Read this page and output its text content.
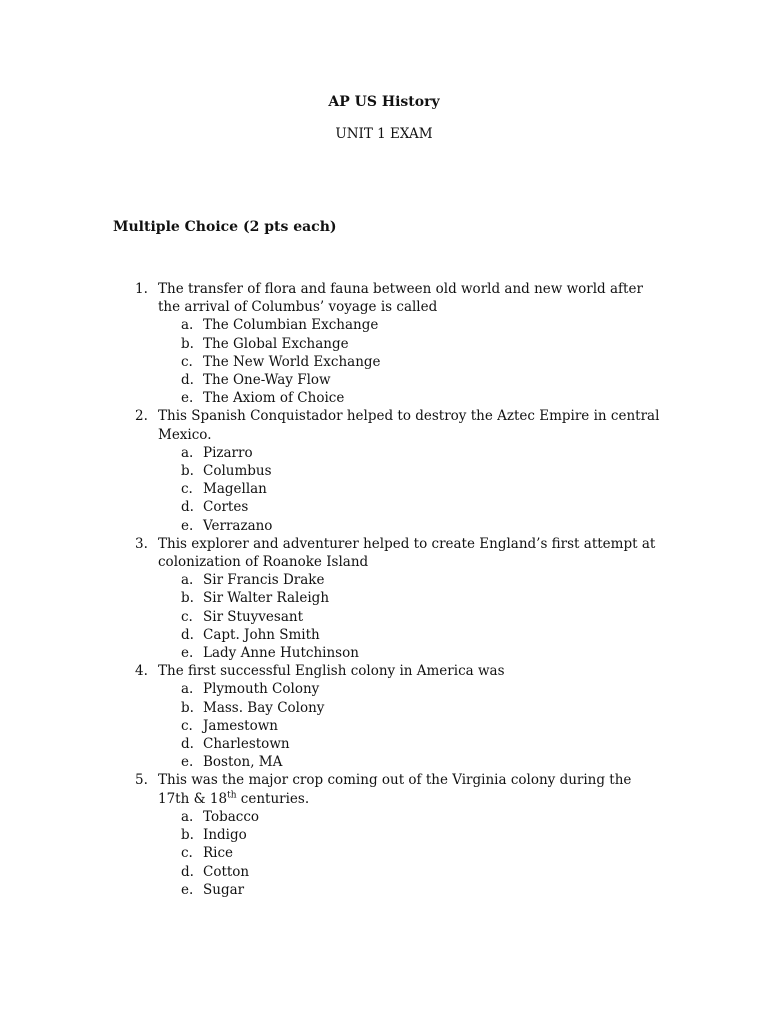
AP US History
UNIT 1 EXAM
Multiple Choice (2 pts each)
1. The transfer of flora and fauna between old world and new world after the arrival of Columbus’ voyage is called
a. The Columbian Exchange
b. The Global Exchange
c. The New World Exchange
d. The One-Way Flow
e. The Axiom of Choice
2. This Spanish Conquistador helped to destroy the Aztec Empire in central Mexico.
a. Pizarro
b. Columbus
c. Magellan
d. Cortes
e. Verrazano
3. This explorer and adventurer helped to create England’s first attempt at colonization of Roanoke Island
a. Sir Francis Drake
b. Sir Walter Raleigh
c. Sir Stuyvesant
d. Capt. John Smith
e. Lady Anne Hutchinson
4. The first successful English colony in America was
a. Plymouth Colony
b. Mass. Bay Colony
c. Jamestown
d. Charlestown
e. Boston, MA
5. This was the major crop coming out of the Virginia colony during the 17th & 18th centuries.
a. Tobacco
b. Indigo
c. Rice
d. Cotton
e. Sugar
